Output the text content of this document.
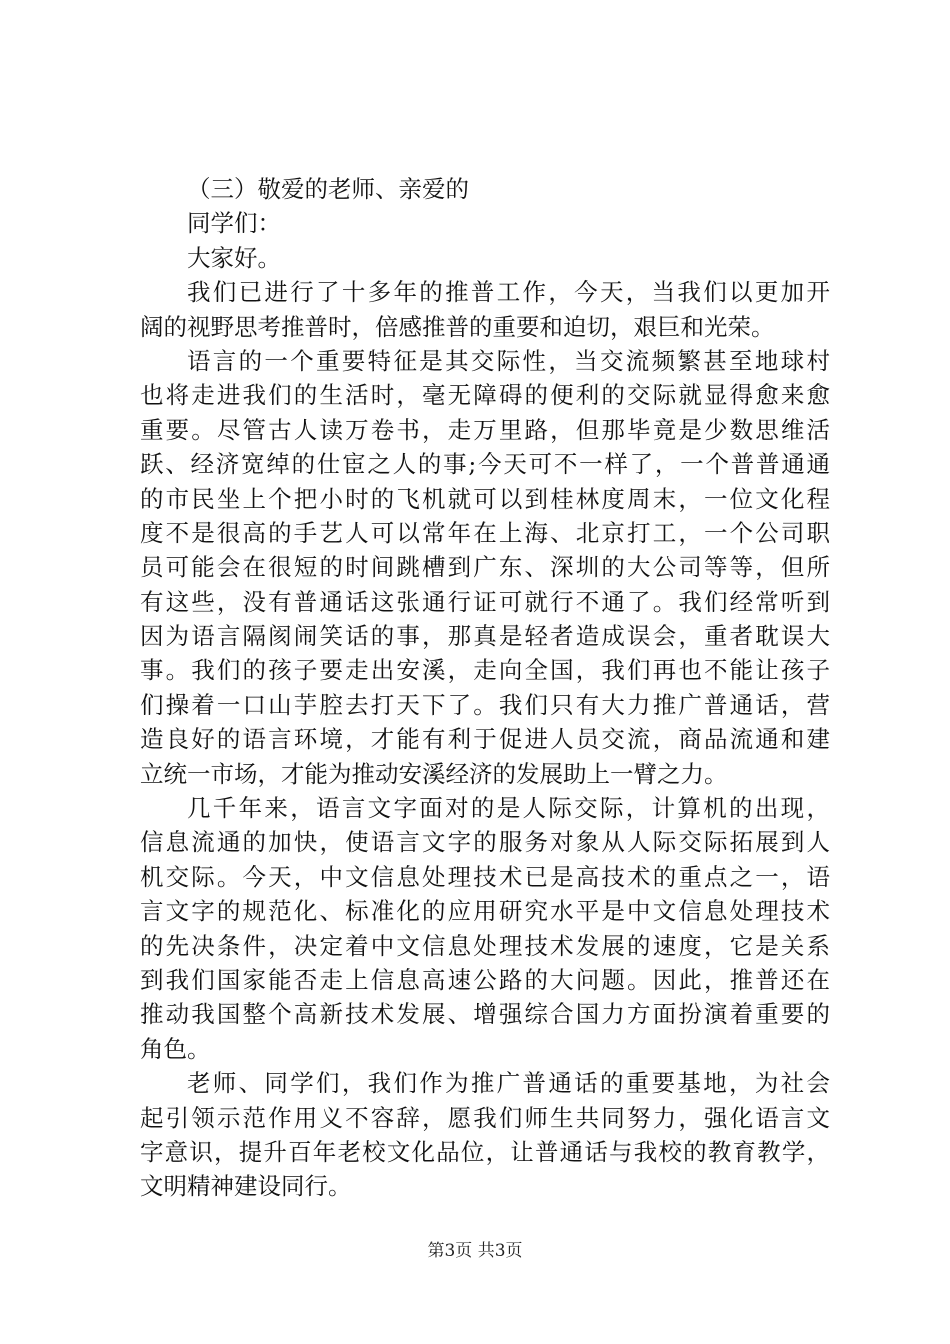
（三）敬爱的老师、亲爱的
同学们：
大家好。
我们已进行了十多年的推普工作，今天，当我们以更加开
阔的视野思考推普时，倍感推普的重要和迫切，艰巨和光荣。
语言的一个重要特征是其交际性，当交流频繁甚至地球村
也将走进我们的生活时，毫无障碍的便利的交际就显得愈来愈
重要。尽管古人读万卷书，走万里路，但那毕竟是少数思维活
跃、经济宽绰的仕宦之人的事;今天可不一样了，一个普普通通
的市民坐上个把小时的飞机就可以到桂林度周末，一位文化程
度不是很高的手艺人可以常年在上海、北京打工，一个公司职
员可能会在很短的时间跳槽到广东、深圳的大公司等等，但所
有这些，没有普通话这张通行证可就行不通了。我们经常听到
因为语言隔阂闹笑话的事，那真是轻者造成误会，重者耽误大
事。我们的孩子要走出安溪，走向全国，我们再也不能让孩子
们操着一口山芋腔去打天下了。我们只有大力推广普通话，营
造良好的语言环境，才能有利于促进人员交流，商品流通和建
立统一市场，才能为推动安溪经济的发展助上一臂之力。
几千年来，语言文字面对的是人际交际，计算机的出现，
信息流通的加快，使语言文字的服务对象从人际交际拓展到人
机交际。今天，中文信息处理技术已是高技术的重点之一，语
言文字的规范化、标准化的应用研究水平是中文信息处理技术
的先决条件，决定着中文信息处理技术发展的速度，它是关系
到我们国家能否走上信息高速公路的大问题。因此，推普还在
推动我国整个高新技术发展、增强综合国力方面扮演着重要的
角色。
老师、同学们，我们作为推广普通话的重要基地，为社会
起引领示范作用义不容辞，愿我们师生共同努力，强化语言文
字意识，提升百年老校文化品位，让普通话与我校的教育教学，
文明精神建设同行。
第3页 共3页
